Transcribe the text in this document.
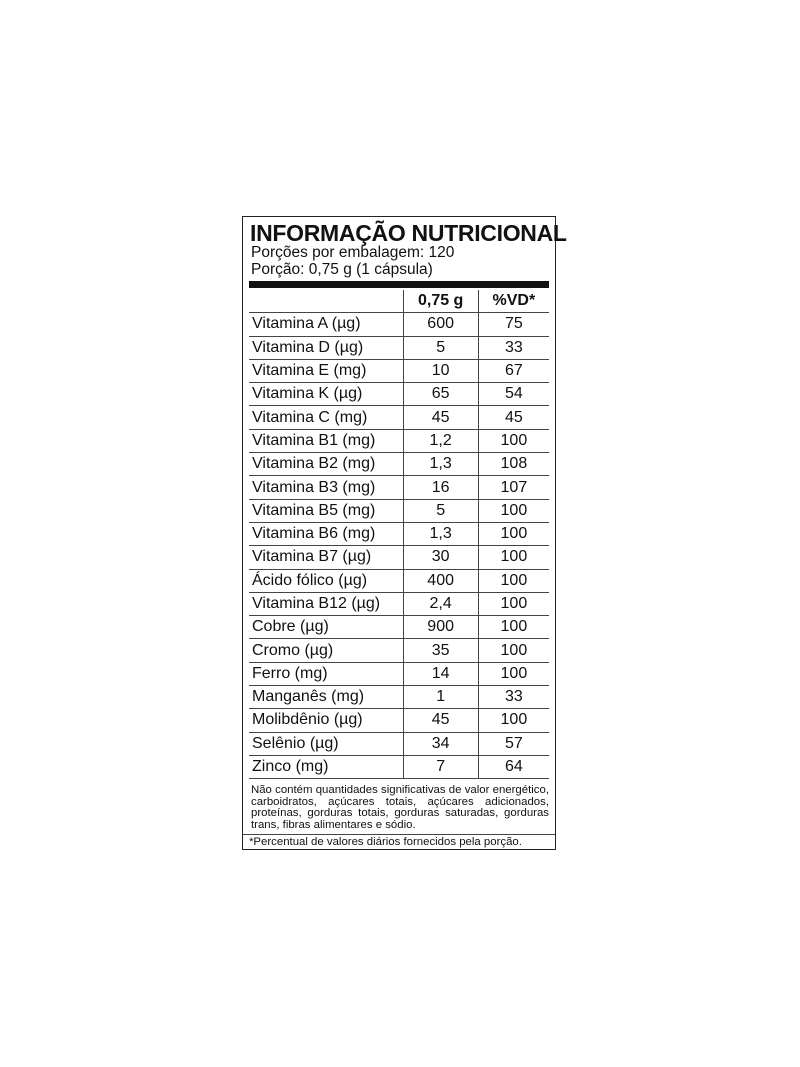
INFORMAÇÃO NUTRICIONAL
Porções por embalagem: 120
Porção: 0,75 g (1 cápsula)
	0,75 g	%VD*
Vitamina A (µg)	600	75
Vitamina D (µg)	5	33
Vitamina E (mg)	10	67
Vitamina K (µg)	65	54
Vitamina C (mg)	45	45
Vitamina B1 (mg)	1,2	100
Vitamina B2 (mg)	1,3	108
Vitamina B3 (mg)	16	107
Vitamina B5 (mg)	5	100
Vitamina B6 (mg)	1,3	100
Vitamina B7 (µg)	30	100
Ácido fólico (µg)	400	100
Vitamina B12 (µg)	2,4	100
Cobre (µg)	900	100
Cromo (µg)	35	100
Ferro (mg)	14	100
Manganês (mg)	1	33
Molibdênio (µg)	45	100
Selênio (µg)	34	57
Zinco (mg)	7	64
Não contém quantidades significativas de valor energético, carboidratos, açúcares totais, açúcares adicionados, proteínas, gorduras totais, gorduras saturadas, gorduras trans, fibras alimentares e sódio.
*Percentual de valores diários fornecidos pela porção.
